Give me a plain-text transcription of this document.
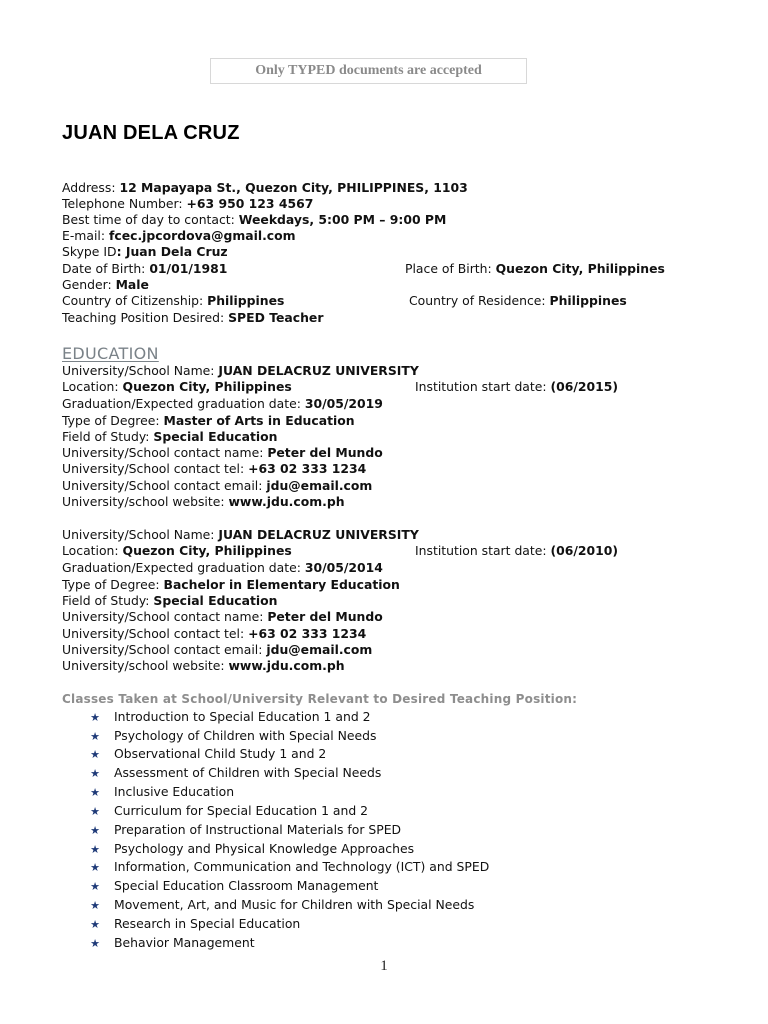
Only TYPED documents are accepted
JUAN DELA CRUZ
Address: 12 Mapayapa St., Quezon City, PHILIPPINES, 1103
Telephone Number: +63 950 123 4567
Best time of day to contact: Weekdays, 5:00 PM – 9:00 PM
E-mail: fcec.jpcordova@gmail.com
Skype ID: Juan Dela Cruz
Date of Birth: 01/01/1981	Place of Birth: Quezon City, Philippines
Gender: Male
Country of Citizenship: Philippines	Country of Residence: Philippines
Teaching Position Desired: SPED Teacher
EDUCATION
University/School Name: JUAN DELACRUZ UNIVERSITY
Location: Quezon City, Philippines	Institution start date: (06/2015)
Graduation/Expected graduation date: 30/05/2019
Type of Degree: Master of Arts in Education
Field of Study: Special Education
University/School contact name: Peter del Mundo
University/School contact tel: +63 02 333 1234
University/School contact email: jdu@email.com
University/school website: www.jdu.com.ph
University/School Name: JUAN DELACRUZ UNIVERSITY
Location: Quezon City, Philippines	Institution start date: (06/2010)
Graduation/Expected graduation date: 30/05/2014
Type of Degree: Bachelor in Elementary Education
Field of Study: Special Education
University/School contact name: Peter del Mundo
University/School contact tel: +63 02 333 1234
University/School contact email: jdu@email.com
University/school website: www.jdu.com.ph
Classes Taken at School/University Relevant to Desired Teaching Position:
★ Introduction to Special Education 1 and 2
★ Psychology of Children with Special Needs
★ Observational Child Study 1 and 2
★ Assessment of Children with Special Needs
★ Inclusive Education
★ Curriculum for Special Education 1 and 2
★ Preparation of Instructional Materials for SPED
★ Psychology and Physical Knowledge Approaches
★ Information, Communication and Technology (ICT) and SPED
★ Special Education Classroom Management
★ Movement, Art, and Music for Children with Special Needs
★ Research in Special Education
★ Behavior Management
1
